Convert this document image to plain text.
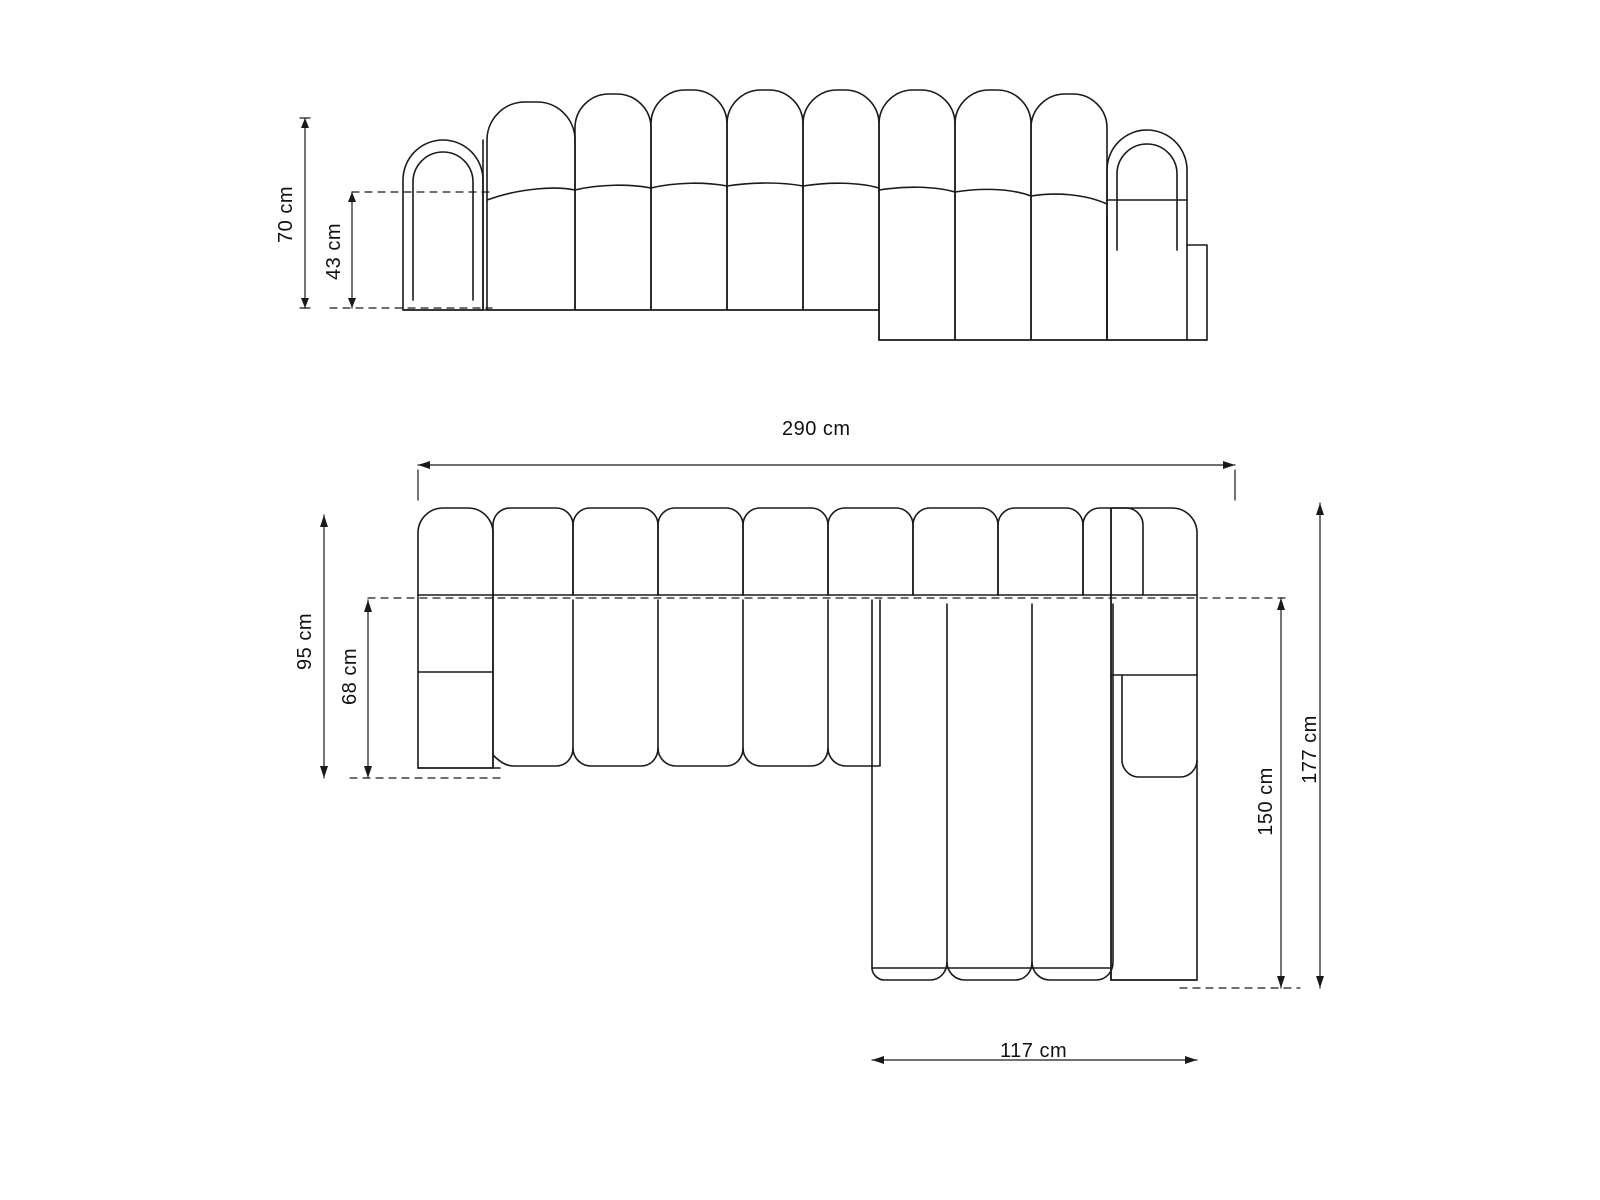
70 cm
43 cm
290 cm
95 cm
68 cm
177 cm
150 cm
117 cm
